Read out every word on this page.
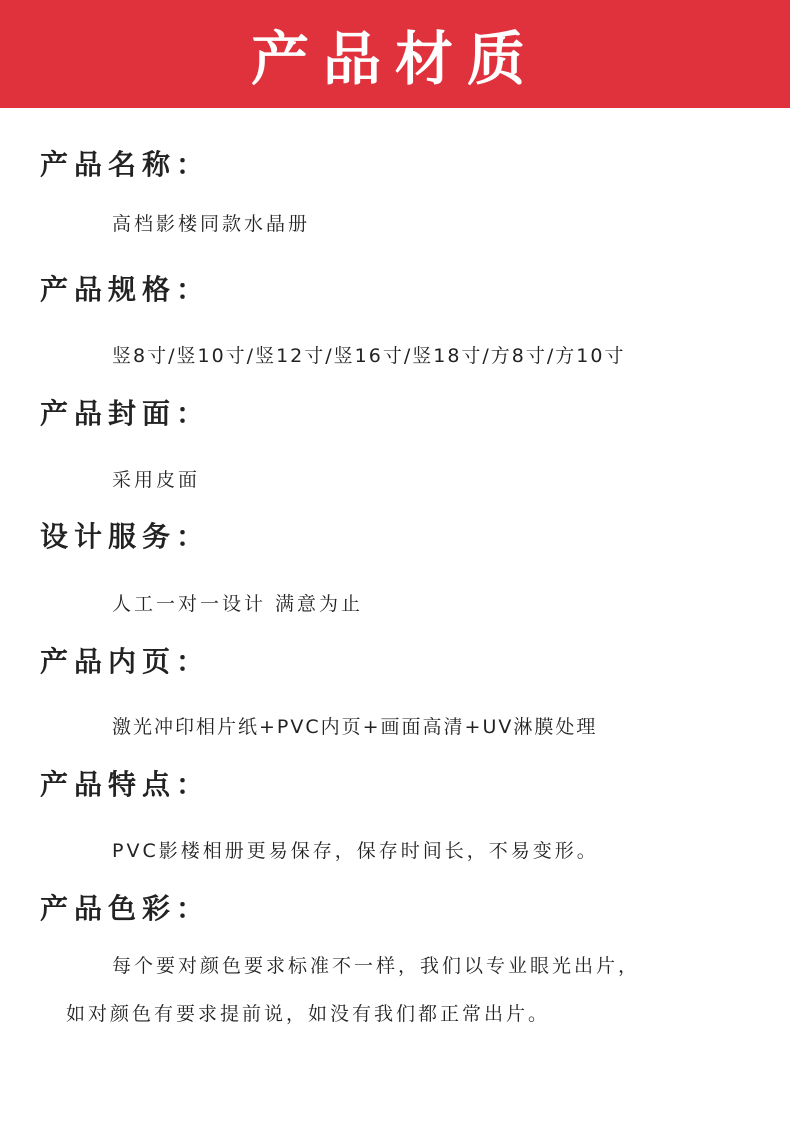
产品材质
产品名称：
高档影楼同款水晶册
产品规格：
竖8寸/竖10寸/竖12寸/竖16寸/竖18寸/方8寸/方10寸
产品封面：
采用皮面
设计服务：
人工一对一设计 满意为止
产品内页：
激光冲印相片纸+PVC内页+画面高清+UV淋膜处理
产品特点：
PVC影楼相册更易保存，保存时间长，不易变形。
产品色彩：
每个要对颜色要求标准不一样，我们以专业眼光出片，
如对颜色有要求提前说，如没有我们都正常出片。
